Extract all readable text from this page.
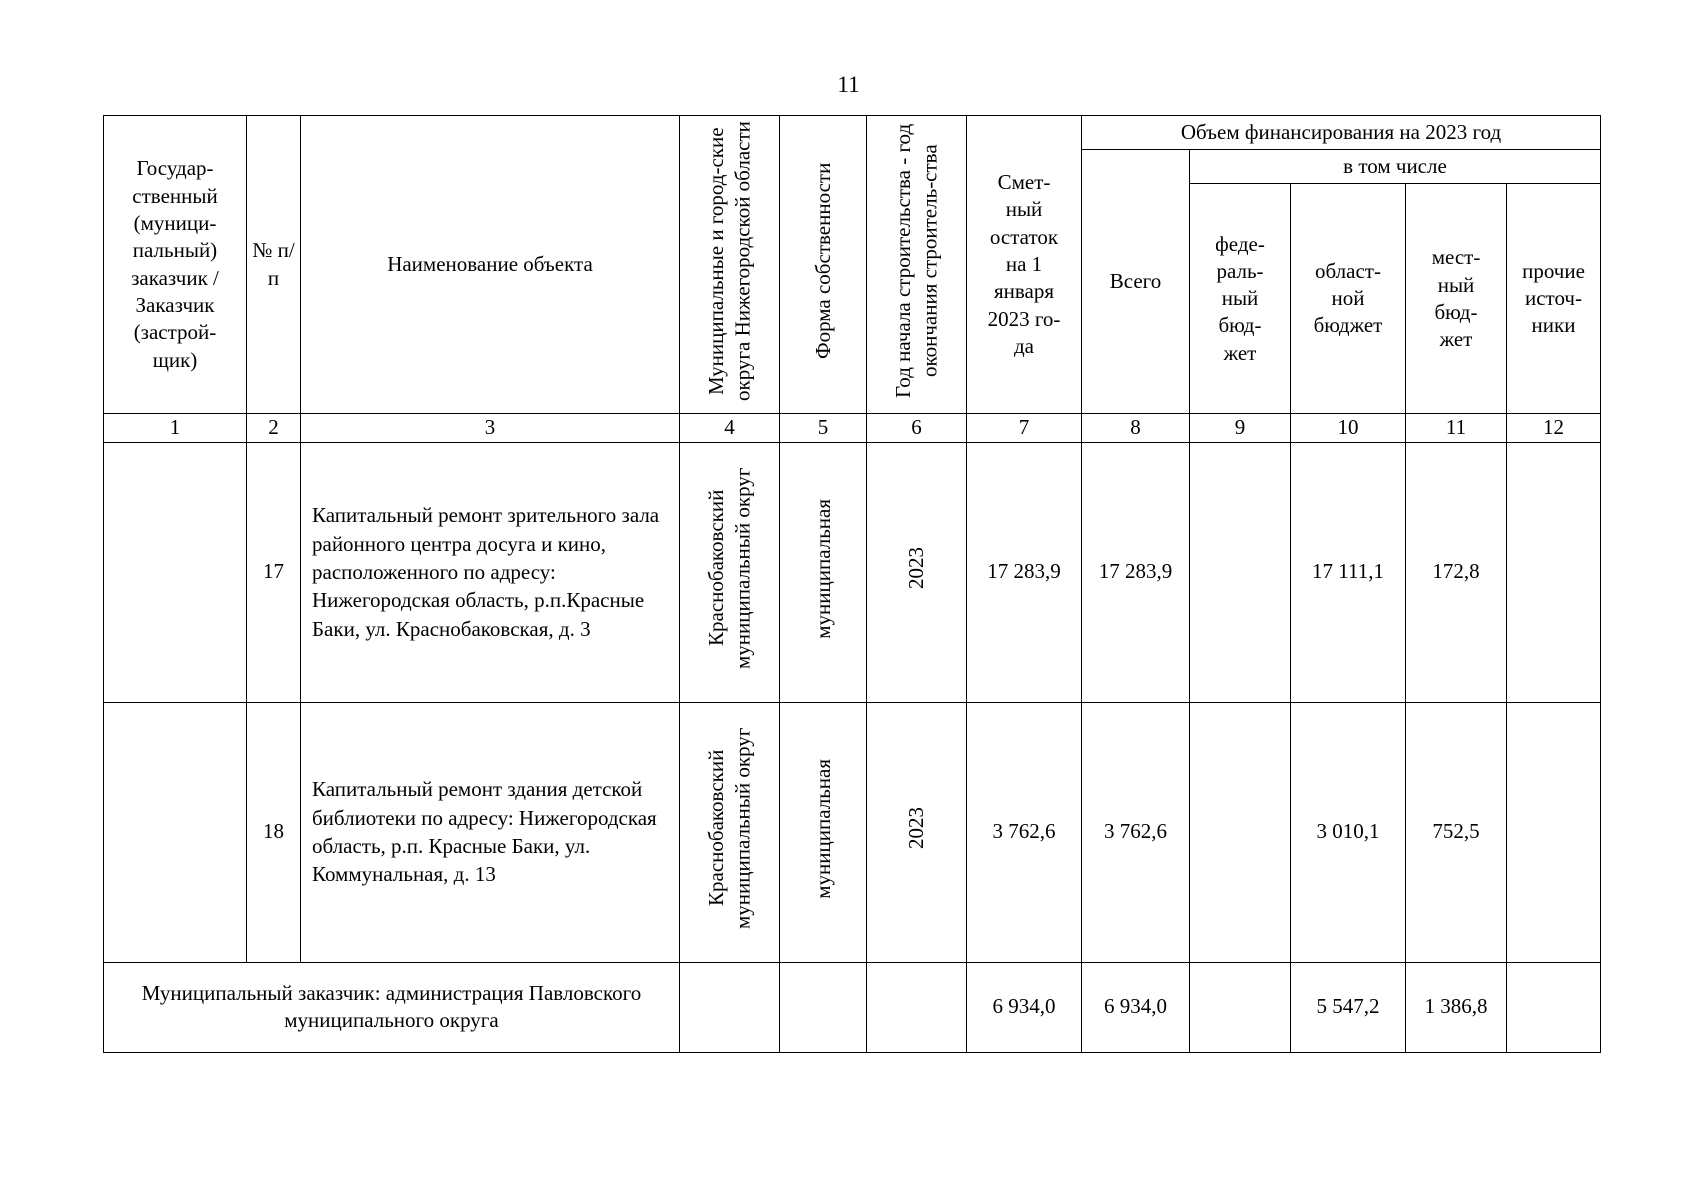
11
Государ-ственный (муници-пальный) заказчик / Заказчик (застрой-щик)	№ п/п	Наименование объекта	Муниципальные и город-ские округа Нижегородской области	Форма собственности	Год начала строительства - год окончания строитель-ства	Смет-ный остаток на 1 января 2023 го-да	Объем финансирования на 2023 год				
							Всего	в том числе			
								феде-раль-ный бюд-жет	област-ной бюджет	мест-ный бюд-жет	прочие источ-ники
1	2	3	4	5	6	7	8	9	10	11	12
	17	Капитальный ремонт зрительного зала районного центра досуга и кино, расположенного по адресу: Нижегородская область, р.п.Красные Баки, ул. Краснобаковская, д. 3	Краснобаковский муниципальный округ	муниципальная	2023	17 283,9	17 283,9		17 111,1	172,8	
	18	Капитальный ремонт здания детской библиотеки по адресу: Нижегородская область, р.п. Красные Баки, ул. Коммунальная, д. 13	Краснобаковский муниципальный округ	муниципальная	2023	3 762,6	3 762,6		3 010,1	752,5	
Муниципальный заказчик: администрация Павловского муниципального округа						6 934,0	6 934,0		5 547,2	1 386,8	
